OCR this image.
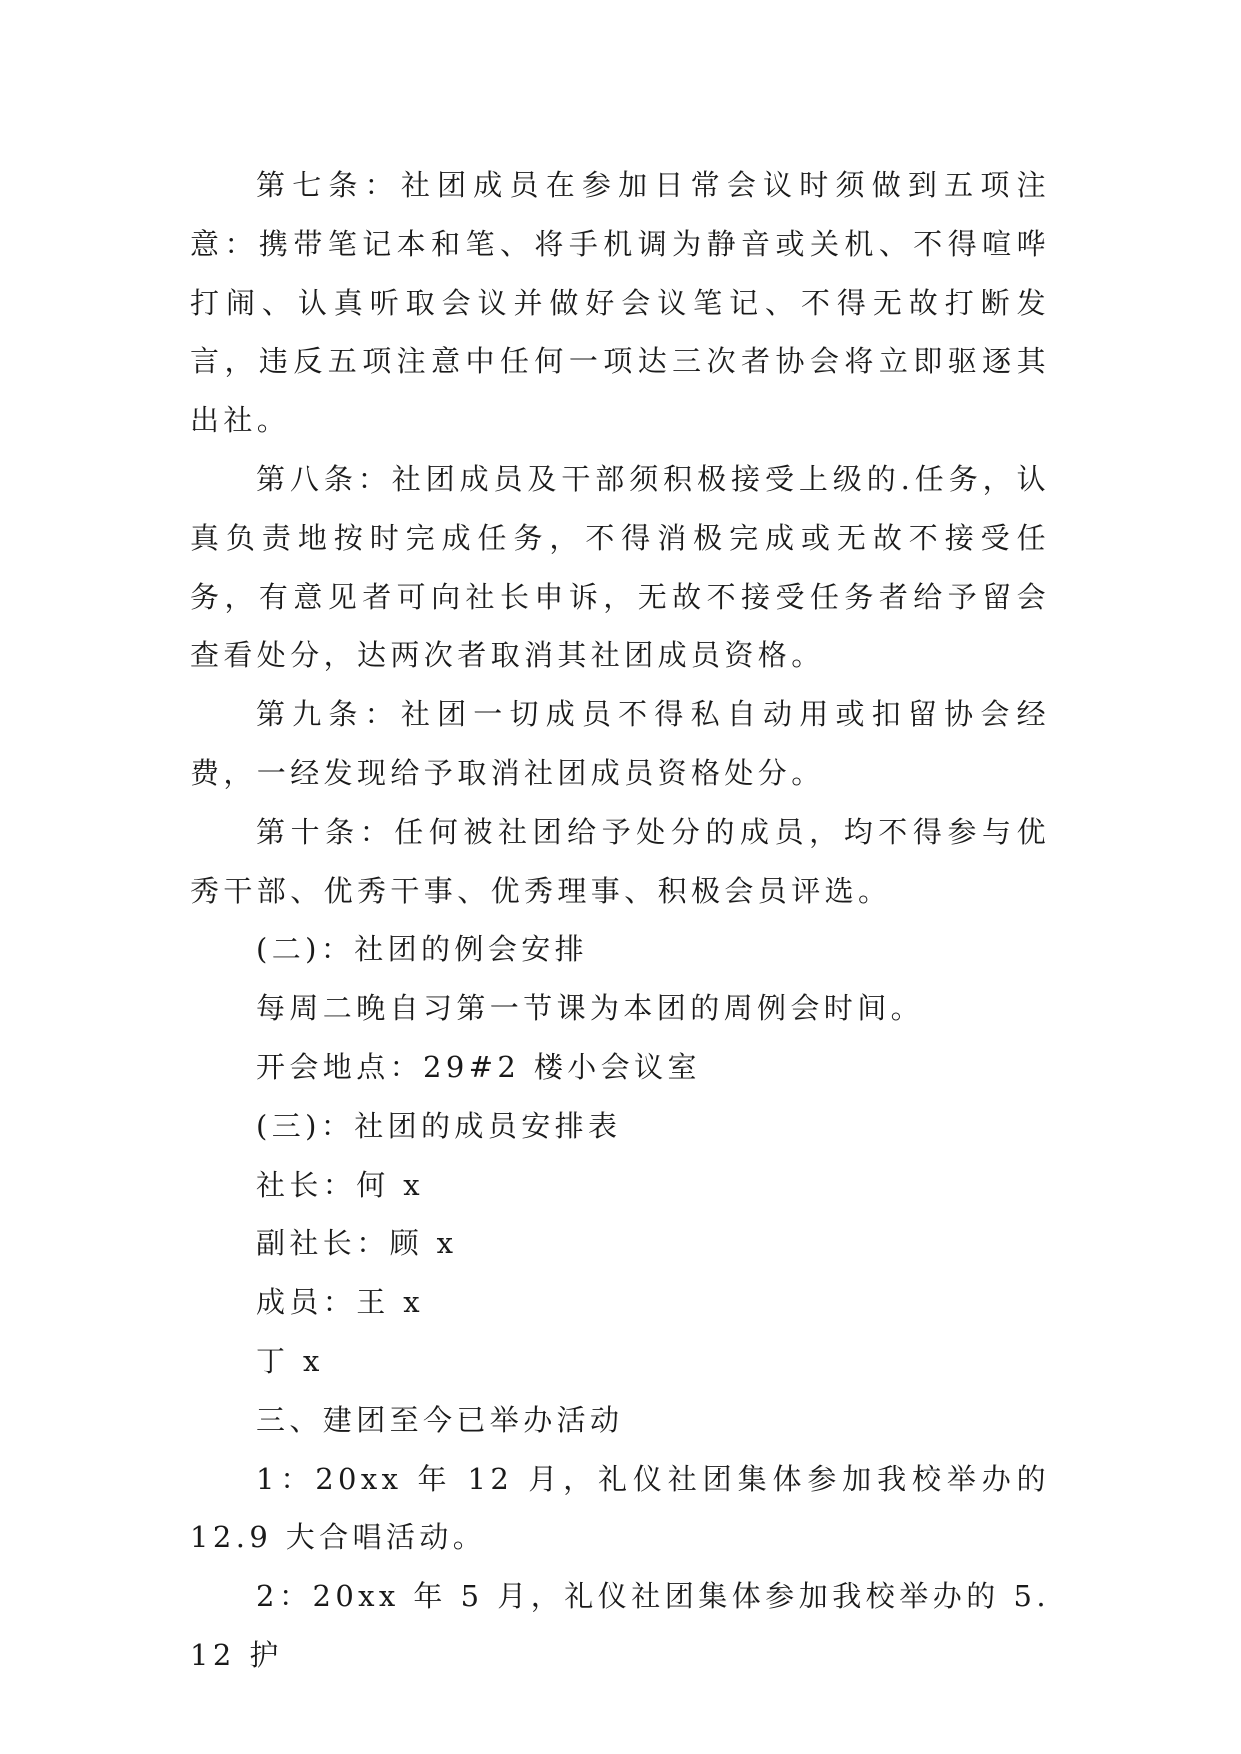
第七条：社团成员在参加日常会议时须做到五项注意：携带笔记本和笔、将手机调为静音或关机、不得喧哗打闹、认真听取会议并做好会议笔记、不得无故打断发言，违反五项注意中任何一项达三次者协会将立即驱逐其出社。

第八条：社团成员及干部须积极接受上级的.任务，认真负责地按时完成任务，不得消极完成或无故不接受任务，有意见者可向社长申诉，无故不接受任务者给予留会查看处分，达两次者取消其社团成员资格。

第九条：社团一切成员不得私自动用或扣留协会经费，一经发现给予取消社团成员资格处分。

第十条：任何被社团给予处分的成员，均不得参与优秀干部、优秀干事、优秀理事、积极会员评选。

(二)：社团的例会安排

每周二晚自习第一节课为本团的周例会时间。

开会地点：29#2 楼小会议室

(三)：社团的成员安排表

社长：何 x

副社长：顾 x

成员：王 x

丁 x

三、建团至今已举办活动

1：20xx 年 12 月，礼仪社团集体参加我校举办的 12.9 大合唱活动。

2：20xx 年 5 月，礼仪社团集体参加我校举办的 5.12 护
